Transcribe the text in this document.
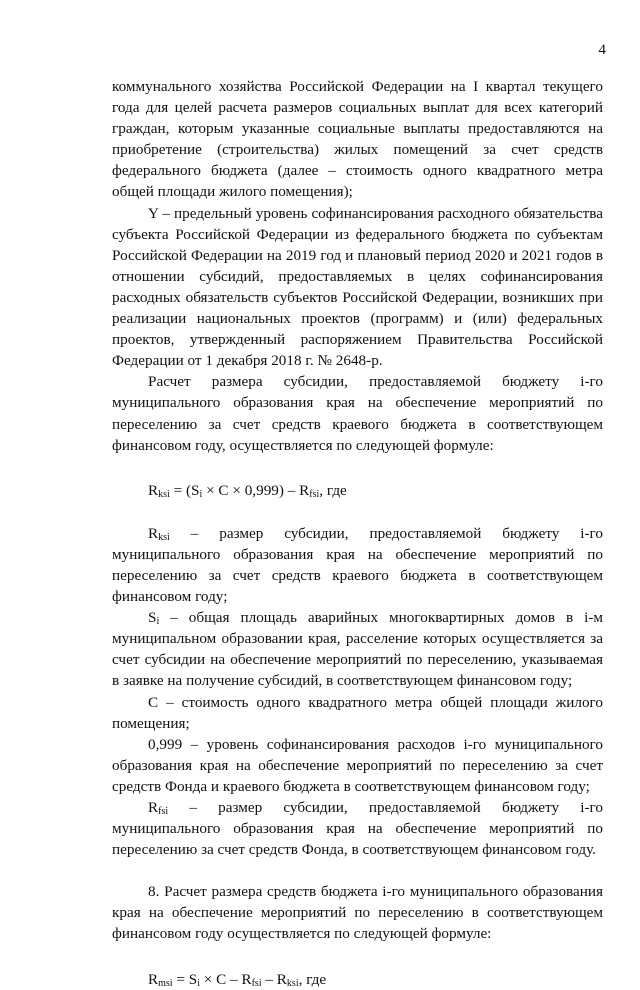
4

коммунального хозяйства Российской Федерации на I квартал текущего года для целей расчета размеров социальных выплат для всех категорий граждан, которым указанные социальные выплаты предоставляются на приобретение (строительства) жилых помещений за счет средств федерального бюджета (далее – стоимость одного квадратного метра общей площади жилого помещения);

Y – предельный уровень софинансирования расходного обязательства субъекта Российской Федерации из федерального бюджета по субъектам Российской Федерации на 2019 год и плановый период 2020 и 2021 годов в отношении субсидий, предоставляемых в целях софинансирования расходных обязательств субъектов Российской Федерации, возникших при реализации национальных проектов (программ) и (или) федеральных проектов, утвержденный распоряжением Правительства Российской Федерации от 1 декабря 2018 г. № 2648-р.

Расчет размера субсидии, предоставляемой бюджету i-го муниципального образования края на обеспечение мероприятий по переселению за счет средств краевого бюджета в соответствующем финансовом году, осуществляется по следующей формуле:

$R_{ksi} = (S_i \times C \times 0,999) - R_{fsi}$, где

$R_{ksi}$ – размер субсидии, предоставляемой бюджету i-го муниципального образования края на обеспечение мероприятий по переселению за счет средств краевого бюджета в соответствующем финансовом году;

$S_i$ – общая площадь аварийных многоквартирных домов в i-м муниципальном образовании края, расселение которых осуществляется за счет субсидии на обеспечение мероприятий по переселению, указываемая в заявке на получение субсидий, в соответствующем финансовом году;

С – стоимость одного квадратного метра общей площади жилого помещения;

0,999 – уровень софинансирования расходов i-го муниципального образования края на обеспечение мероприятий по переселению за счет средств Фонда и краевого бюджета в соответствующем финансовом году;

$R_{fsi}$ – размер субсидии, предоставляемой бюджету i-го муниципального образования края на обеспечение мероприятий по переселению за счет средств Фонда, в соответствующем финансовом году.

8. Расчет размера средств бюджета i-го муниципального образования края на обеспечение мероприятий по переселению в соответствующем финансовом году осуществляется по следующей формуле:

$R_{msi} = S_i \times C - R_{fsi} - R_{ksi}$, где
